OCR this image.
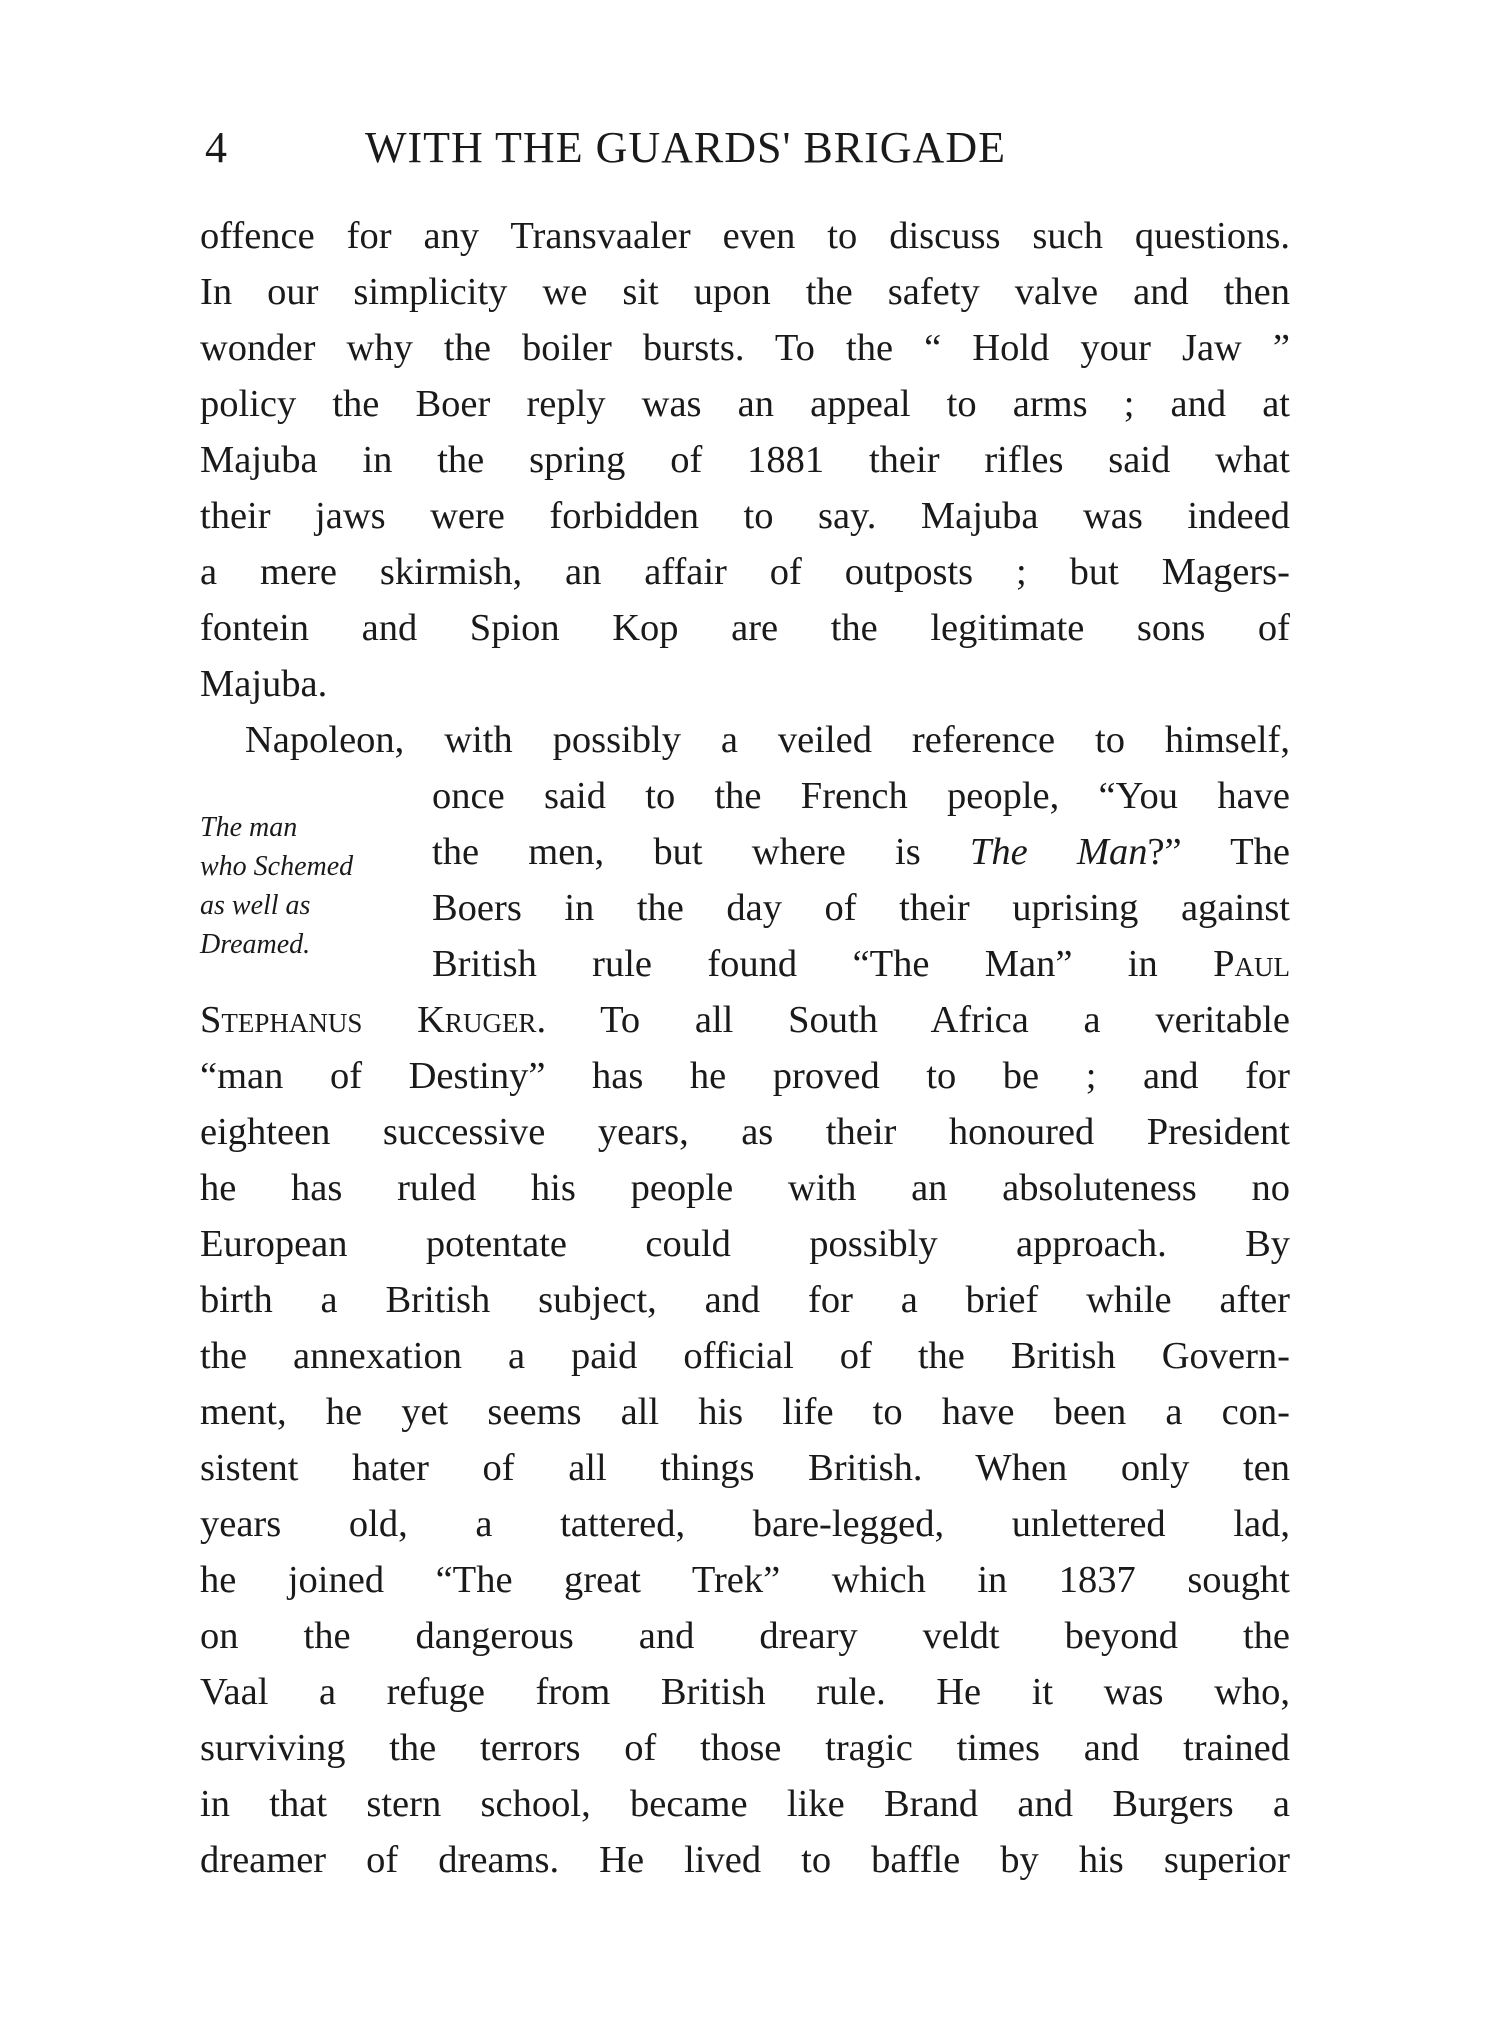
4	WITH THE GUARDS' BRIGADE
offence for any Transvaaler even to discuss such questions.
In our simplicity we sit upon the safety valve and then
wonder why the boiler bursts. To the “ Hold your Jaw ”
policy the Boer reply was an appeal to arms ; and at
Majuba in the spring of 1881 their rifles said what
their jaws were forbidden to say. Majuba was indeed
a mere skirmish, an affair of outposts ; but Magers-
fontein and Spion Kop are the legitimate sons of
Majuba.
Napoleon, with possibly a veiled reference to himself,
The man
who Schemed
as well as
Dreamed.
once said to the French people, “You have
the men, but where is The Man?” The
Boers in the day of their uprising against
British rule found “The Man” in Paul
Stephanus Kruger. To all South Africa a veritable
“man of Destiny” has he proved to be ; and for
eighteen successive years, as their honoured President
he has ruled his people with an absoluteness no
European potentate could possibly approach. By
birth a British subject, and for a brief while after
the annexation a paid official of the British Govern-
ment, he yet seems all his life to have been a con-
sistent hater of all things British. When only ten
years old, a tattered, bare-legged, unlettered lad,
he joined “The great Trek” which in 1837 sought
on the dangerous and dreary veldt beyond the
Vaal a refuge from British rule. He it was who,
surviving the terrors of those tragic times and trained
in that stern school, became like Brand and Burgers a
dreamer of dreams. He lived to baffle by his superior
